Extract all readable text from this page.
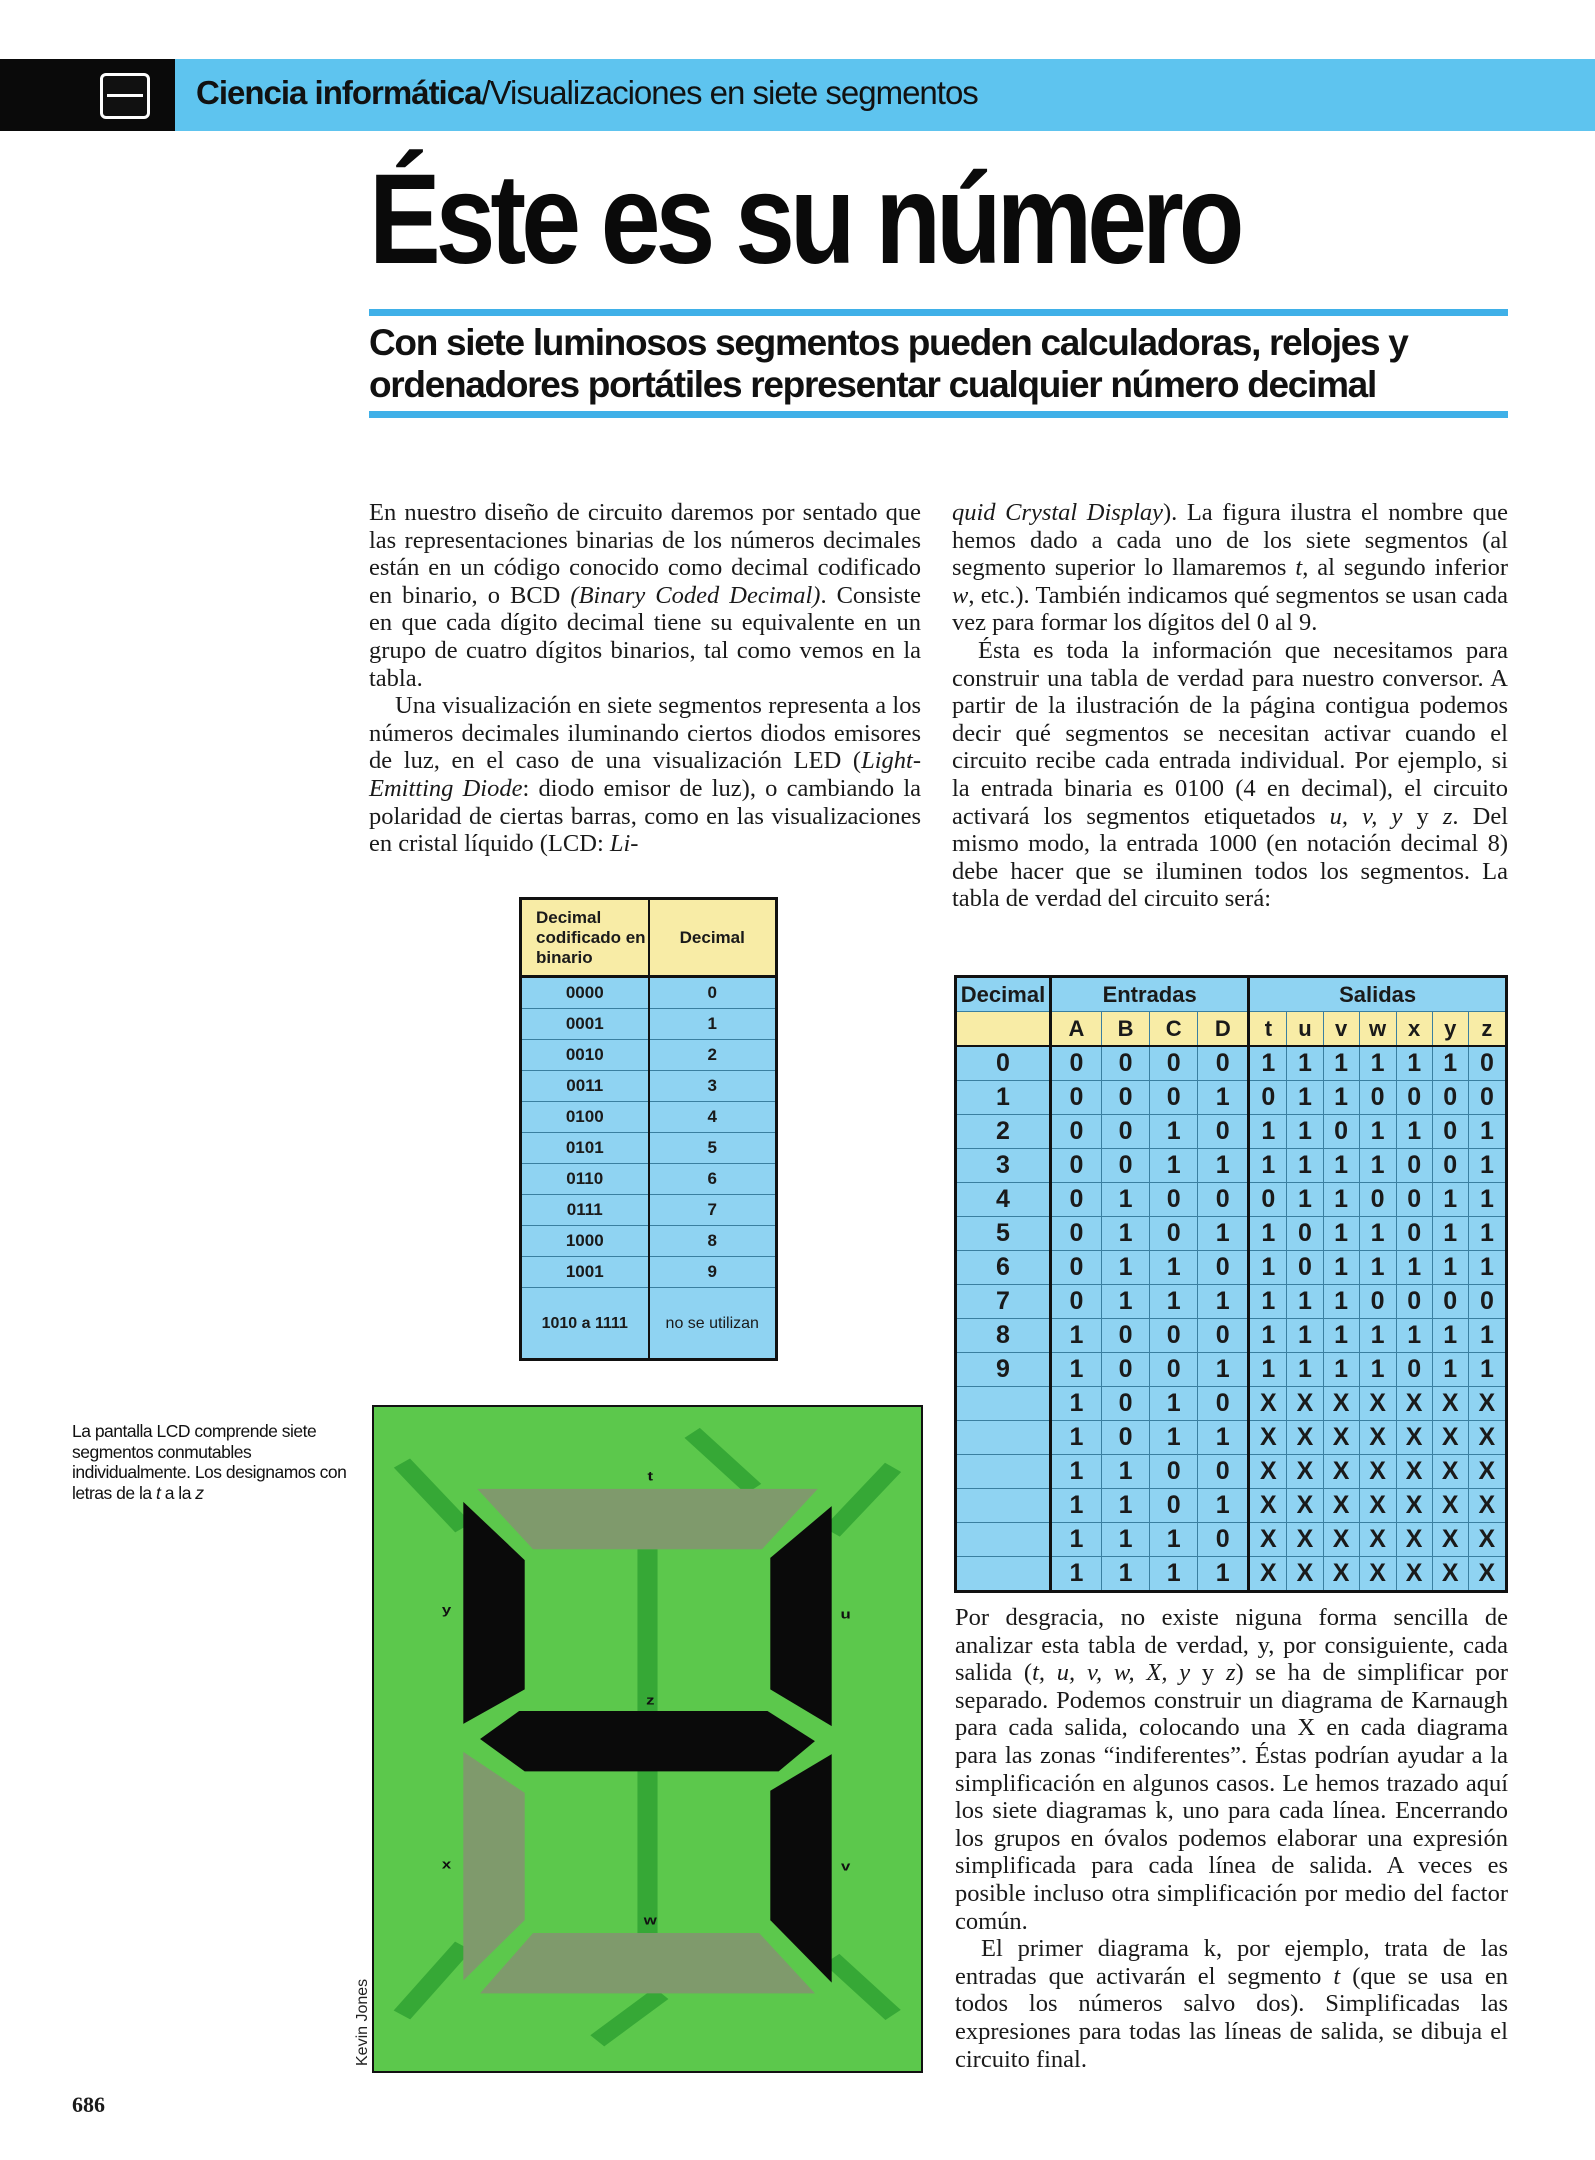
Ciencia informática/Visualizaciones en siete segmentos
Éste es su número
Con siete luminosos segmentos pueden calculadoras, relojes y ordenadores portátiles representar cualquier número decimal

En nuestro diseño de circuito daremos por sentado que las representaciones binarias de los números decimales están en un código conocido como decimal codificado en binario, o BCD (Binary Coded Decimal). Consiste en que cada dígito decimal tiene su equivalente en un grupo de cuatro dígitos binarios, tal como vemos en la tabla.

Una visualización en siete segmentos representa a los números decimales iluminando ciertos diodos emisores de luz, en el caso de una visualización LED (Light-Emitting Diode: diodo emisor de luz), o cambiando la polaridad de ciertas barras, como en las visualizaciones en cristal líquido (LCD: Li-

quid Crystal Display). La figura ilustra el nombre que hemos dado a cada uno de los siete segmentos (al segmento superior lo llamaremos t, al segundo inferior w, etc.). También indicamos qué segmentos se usan cada vez para formar los dígitos del 0 al 9.

Ésta es toda la información que necesitamos para construir una tabla de verdad para nuestro conversor. A partir de la ilustración de la página contigua podemos decir qué segmentos se necesitan activar cuando el circuito recibe cada entrada individual. Por ejemplo, si la entrada binaria es 0100 (4 en decimal), el circuito activará los segmentos etiquetados u, v, y y z. Del mismo modo, la entrada 1000 (en notación decimal 8) debe hacer que se iluminen todos los segmentos. La tabla de verdad del circuito será:

Por desgracia, no existe niguna forma sencilla de analizar esta tabla de verdad, y, por consiguiente, cada salida (t, u, v, w, X, y y z) se ha de simplificar por separado. Podemos construir un diagrama de Karnaugh para cada salida, colocando una X en cada diagrama para las zonas “indiferentes”. Éstas podrían ayudar a la simplificación en algunos casos. Le hemos trazado aquí los siete diagramas k, uno para cada línea. Encerrando los grupos en óvalos podemos elaborar una expresión simplificada para cada línea de salida. A veces es posible incluso otra simplificación por medio del factor común.

El primer diagrama k, por ejemplo, trata de las entradas que activarán el segmento t (que se usa en todos los números salvo dos). Simplificadas las expresiones para todas las líneas de salida, se dibuja el circuito final.

Decimal codificado en binario	Decimal
0000	0
0001	1
0010	2
0011	3
0100	4
0101	5
0110	6
0111	7
1000	8
1001	9
1010 a 1111	no se utilizan
Decimal	Entradas				Salidas						
	A	B	C	D	t	u	v	w	x	y	z
0	0	0	0	0	1	1	1	1	1	1	0
1	0	0	0	1	0	1	1	0	0	0	0
2	0	0	1	0	1	1	0	1	1	0	1
3	0	0	1	1	1	1	1	1	0	0	1
4	0	1	0	0	0	1	1	0	0	1	1
5	0	1	0	1	1	0	1	1	0	1	1
6	0	1	1	0	1	0	1	1	1	1	1
7	0	1	1	1	1	1	1	0	0	0	0
8	1	0	0	0	1	1	1	1	1	1	1
9	1	0	0	1	1	1	1	1	0	1	1
	1	0	1	0	X	X	X	X	X	X	X
	1	0	1	1	X	X	X	X	X	X	X
	1	1	0	0	X	X	X	X	X	X	X
	1	1	0	1	X	X	X	X	X	X	X
	1	1	1	0	X	X	X	X	X	X	X
	1	1	1	1	X	X	X	X	X	X	X
La pantalla LCD comprende siete segmentos conmutables individualmente. Los designamos con letras de la t a la z
t
y	u
z
x	v
w
Kevin Jones
686
